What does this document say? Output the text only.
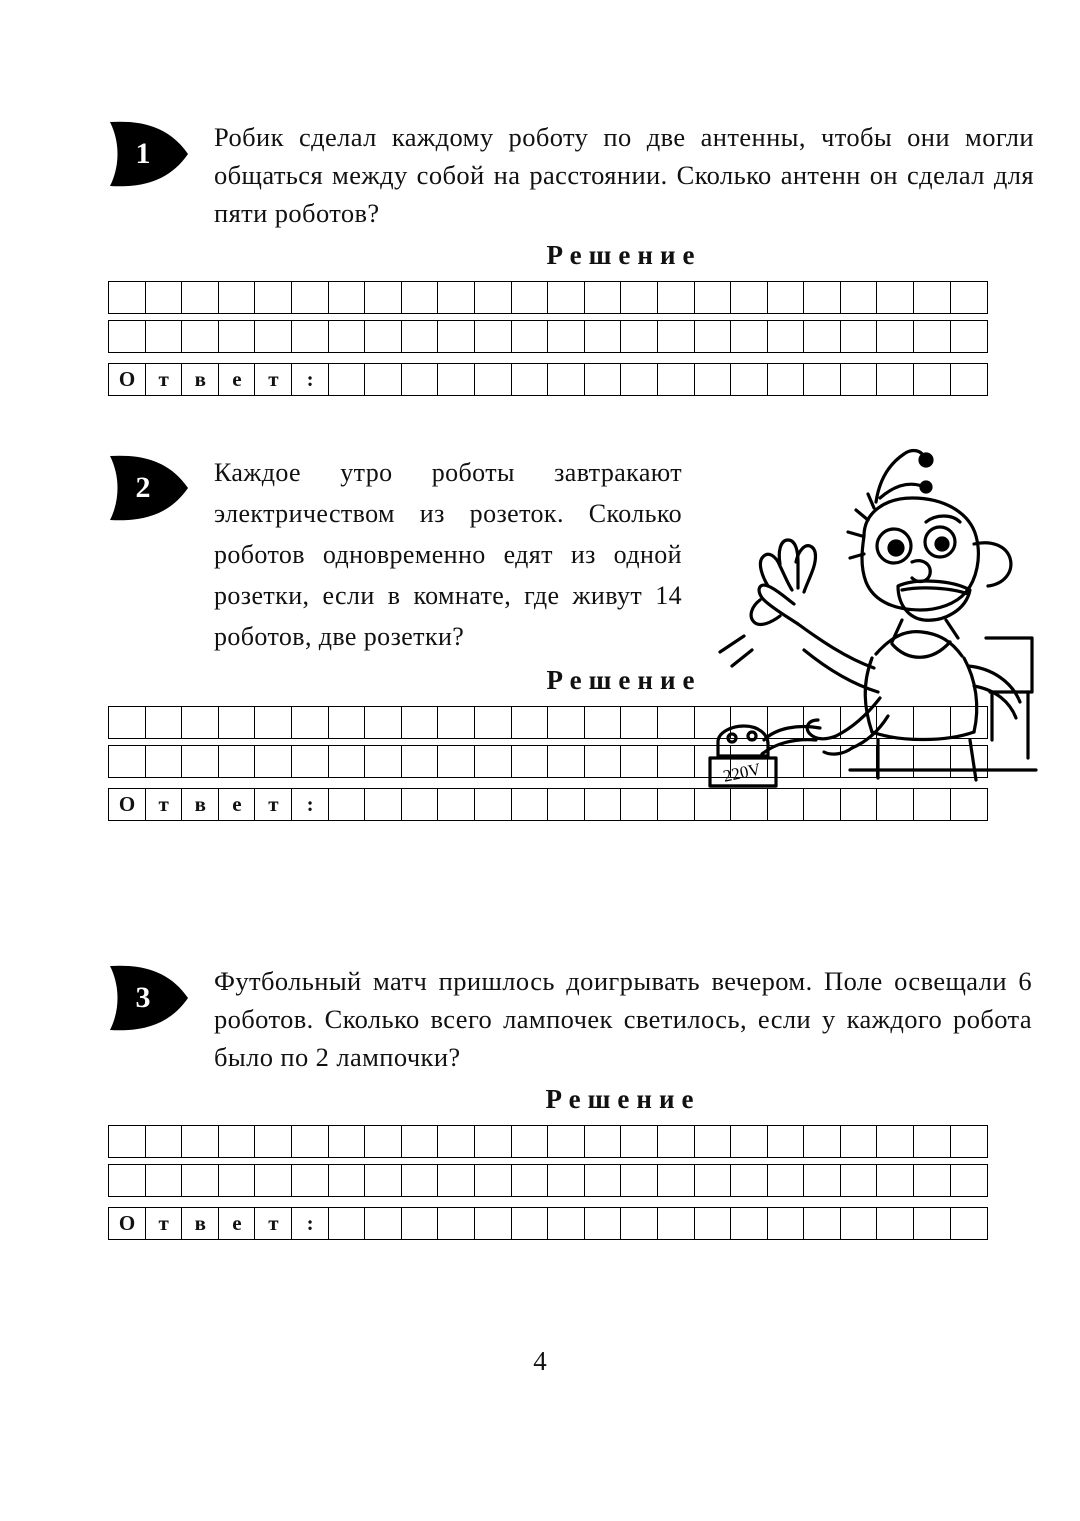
1	Робик сделал каждому роботу по две антенны, чтобы они могли общаться между собой на расстоянии. Сколько антенн он сделал для пяти роботов?
Решение
О	т	в	е	т	:
2	Каждое утро роботы завтракают электричеством из розеток. Сколько роботов одновременно едят из одной розетки, если в комнате, где живут 14 роботов, две розетки?
Решение
О	т	в	е	т	:
3	Футбольный матч пришлось доигрывать вечером. Поле освещали 6 роботов. Сколько всего лампочек светилось, если у каждого робота было по 2 лампочки?
Решение
О	т	в	е	т	:
220V
4
